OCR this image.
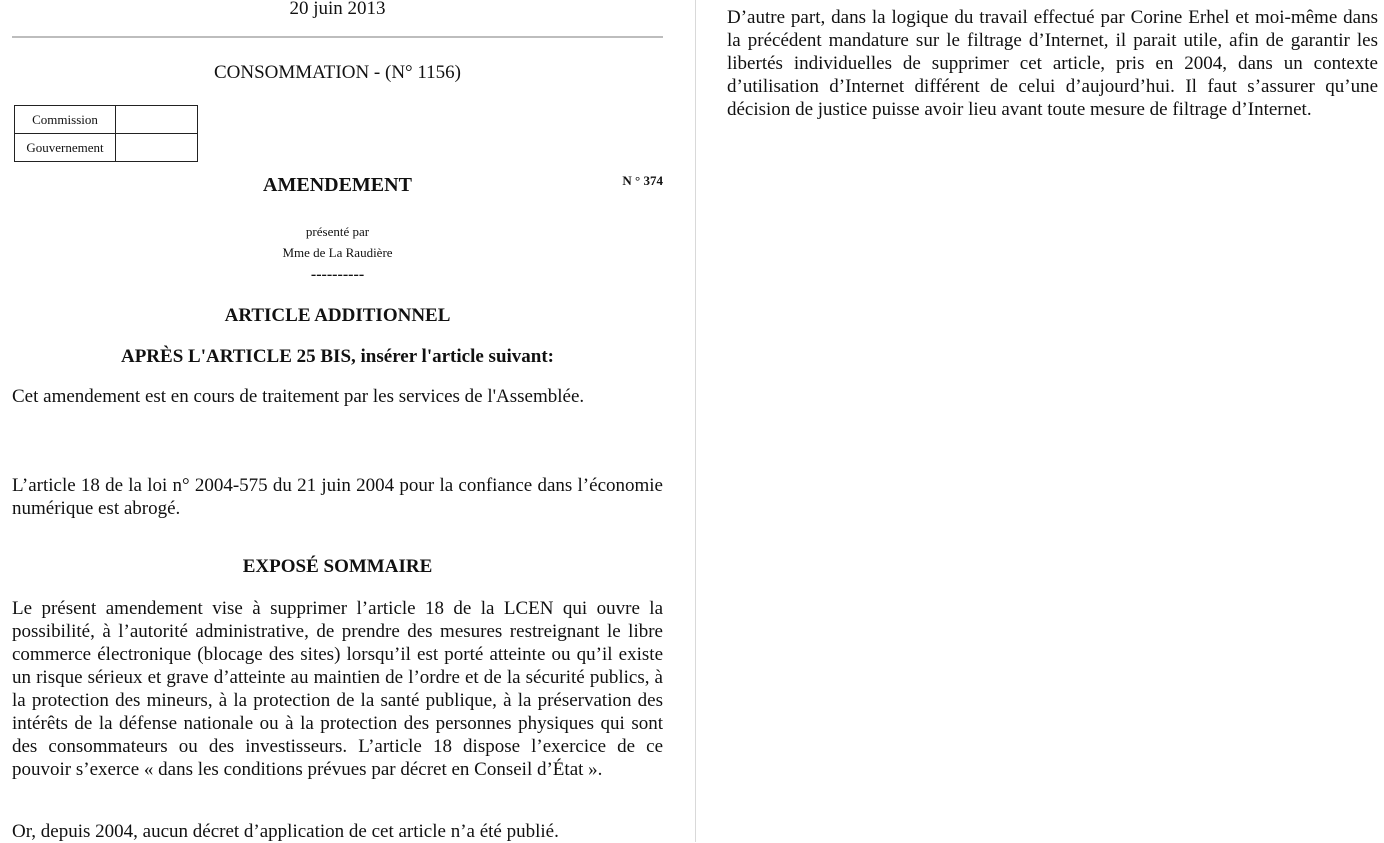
20 juin 2013
CONSOMMATION - (N° 1156)
Commission	
Gouvernement	
AMENDEMENT	N ° 374
présenté par
Mme de La Raudière
----------
ARTICLE ADDITIONNEL
APRÈS L'ARTICLE 25 BIS, insérer l'article suivant:
Cet amendement est en cours de traitement par les services de l'Assemblée.
L’article 18 de la loi n° 2004‑575 du 21 juin 2004 pour la confiance dans l’économie numérique est abrogé.
EXPOSÉ SOMMAIRE
Le présent amendement vise à supprimer l’article 18 de la LCEN qui ouvre la possibilité, à l’autorité administrative, de prendre des mesures restreignant le libre commerce électronique (blocage des sites) lorsqu’il est porté atteinte ou qu’il existe un risque sérieux et grave d’atteinte au maintien de l’ordre et de la sécurité publics, à la protection des mineurs, à la protection de la santé publique, à la préservation des intérêts de la défense nationale ou à la protection des personnes physiques qui sont des consommateurs ou des investisseurs. L’article 18 dispose l’exercice de ce pouvoir s’exerce « dans les conditions prévues par décret en Conseil d’État ».
Or, depuis 2004, aucun décret d’application de cet article n’a été publié.
D’autre part, dans la logique du travail effectué par Corine Erhel et moi-même dans la précédent mandature sur le filtrage d’Internet, il parait utile, afin de garantir les libertés individuelles de supprimer cet article, pris en 2004, dans un contexte d’utilisation d’Internet différent de celui d’aujourd’hui. Il faut s’assurer qu’une décision de justice puisse avoir lieu avant toute mesure de filtrage d’Internet.
